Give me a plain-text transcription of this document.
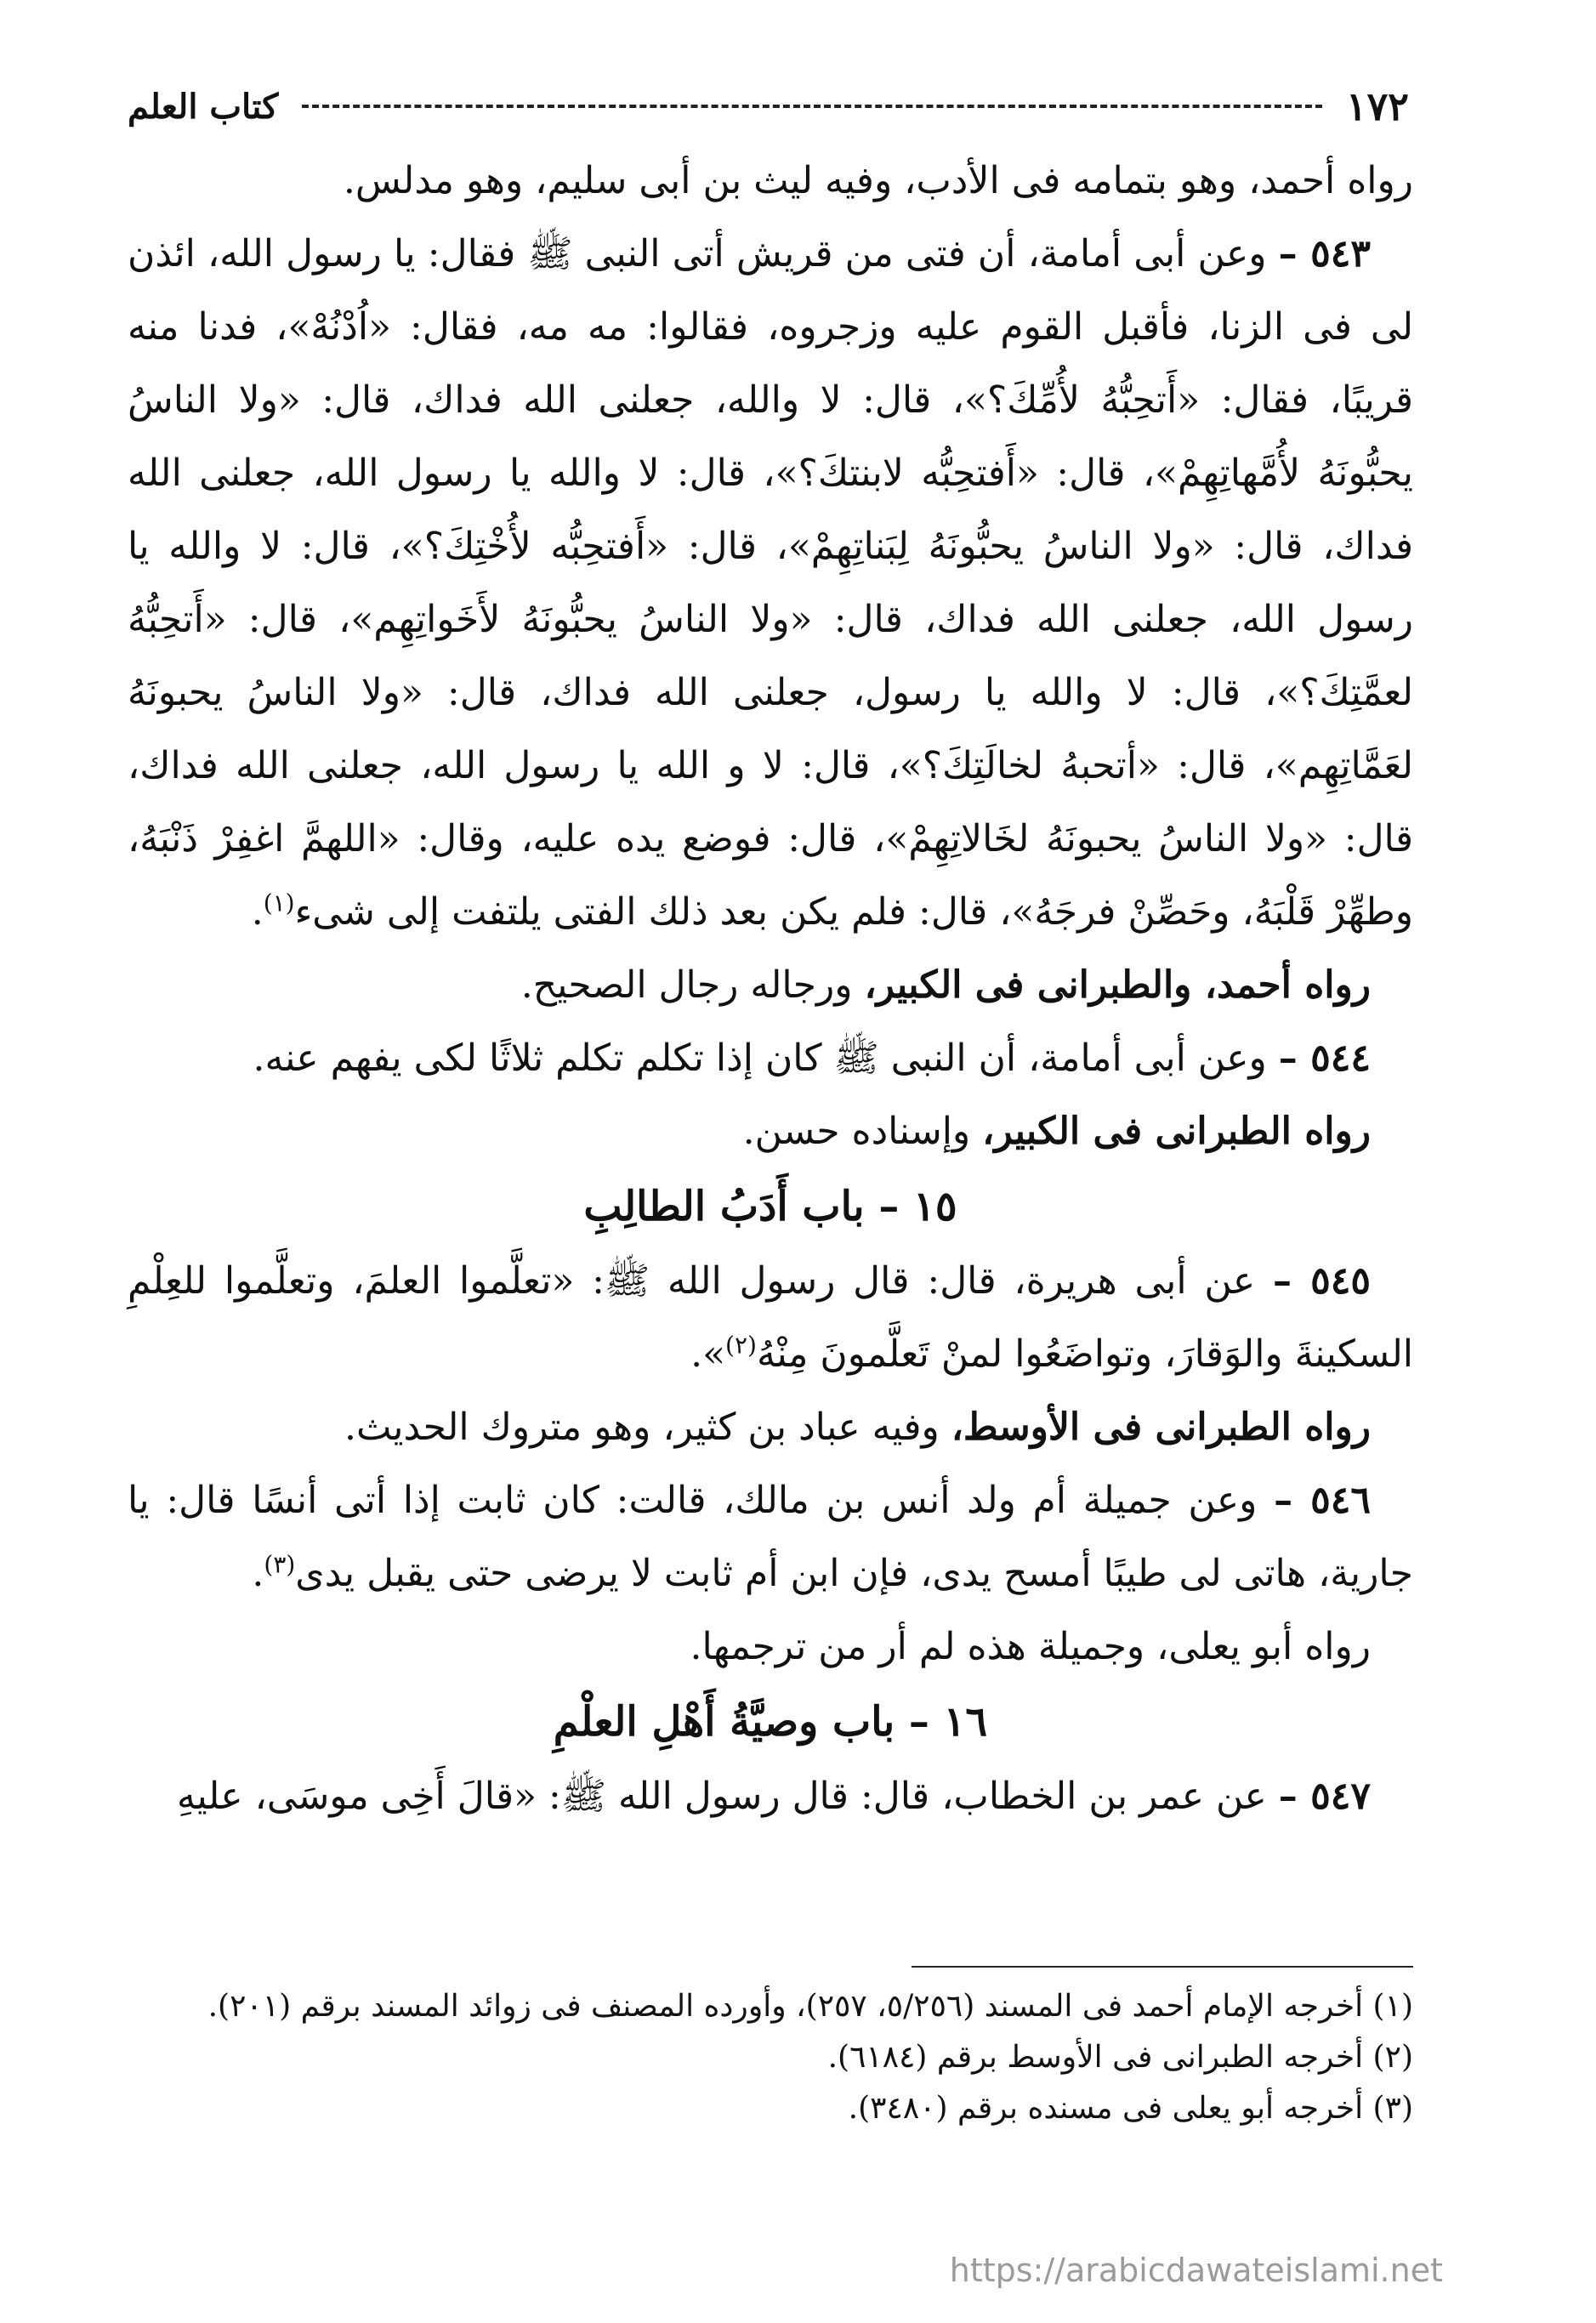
١٧٢
كتاب العلم

رواه أحمد، وهو بتمامه فى الأدب، وفيه ليث بن أبى سليم، وهو مدلس.

٥٤٣ – وعن أبى أمامة، أن فتى من قريش أتى النبى ﷺ فقال: يا رسول الله، ائذن لى فى الزنا، فأقبل القوم عليه وزجروه، فقالوا: مه مه، فقال: «اُدْنُهْ»، فدنا منه قريبًا، فقال: «أَتحِبُّهُ لأُمِّكَ؟»، قال: لا والله، جعلنى الله فداك، قال: «ولا الناسُ يحبُّونَهُ لأُمَّهاتِهِمْ»، قال: «أَفتحِبُّه لابنتكَ؟»، قال: لا والله يا رسول الله، جعلنى الله فداك، قال: «ولا الناسُ يحبُّونَهُ لِبَناتِهِمْ»، قال: «أَفتحِبُّه لأُخْتِكَ؟»، قال: لا والله يا رسول الله، جعلنى الله فداك، قال: «ولا الناسُ يحبُّونَهُ لأَخَواتِهِم»، قال: «أَتحِبُّهُ لعمَّتِكَ؟»، قال: لا والله يا رسول، جعلنى الله فداك، قال: «ولا الناسُ يحبونَهُ لعَمَّاتِهِم»، قال: «أتحبهُ لخالَتِكَ؟»، قال: لا و الله يا رسول الله، جعلنى الله فداك، قال: «ولا الناسُ يحبونَهُ لخَالاتِهِمْ»، قال: فوضع يده عليه، وقال: «اللهمَّ اغفِرْ ذَنْبَهُ، وطهِّرْ قَلْبَهُ، وحَصِّنْ فرجَهُ»، قال: فلم يكن بعد ذلك الفتى يلتفت إلى شىء$^{(١)}$.

رواه أحمد، والطبرانى فى الكبير، ورجاله رجال الصحيح.

٥٤٤ – وعن أبى أمامة، أن النبى ﷺ كان إذا تكلم تكلم ثلاثًا لكى يفهم عنه.

رواه الطبرانى فى الكبير، وإسناده حسن.

١٥ – باب أَدَبُ الطالِبِ

٥٤٥ – عن أبى هريرة، قال: قال رسول الله ﷺ: «تعلَّموا العلمَ، وتعلَّموا للعِلْمِ السكينةَ والوَقارَ، وتواضَعُوا لمنْ تَعلَّمونَ مِنْهُ$^{(٢)}$».

رواه الطبرانى فى الأوسط، وفيه عباد بن كثير، وهو متروك الحديث.

٥٤٦ – وعن جميلة أم ولد أنس بن مالك، قالت: كان ثابت إذا أتى أنسًا قال: يا جارية، هاتى لى طيبًا أمسح يدى، فإن ابن أم ثابت لا يرضى حتى يقبل يدى$^{(٣)}$.

رواه أبو يعلى، وجميلة هذه لم أر من ترجمها.

١٦ – باب وصيَّةُ أَهْلِ العلْمِ

٥٤٧ – عن عمر بن الخطاب، قال: قال رسول الله ﷺ: «قالَ أَخِى موسَى، عليهِ

(١) أخرجه الإمام أحمد فى المسند (٥/٢٥٦، ٢٥٧)، وأورده المصنف فى زوائد المسند برقم (٢٠١).

(٢) أخرجه الطبرانى فى الأوسط برقم (٦١٨٤).

(٣) أخرجه أبو يعلى فى مسنده برقم (٣٤٨٠).

https://arabicdawateislami.net
